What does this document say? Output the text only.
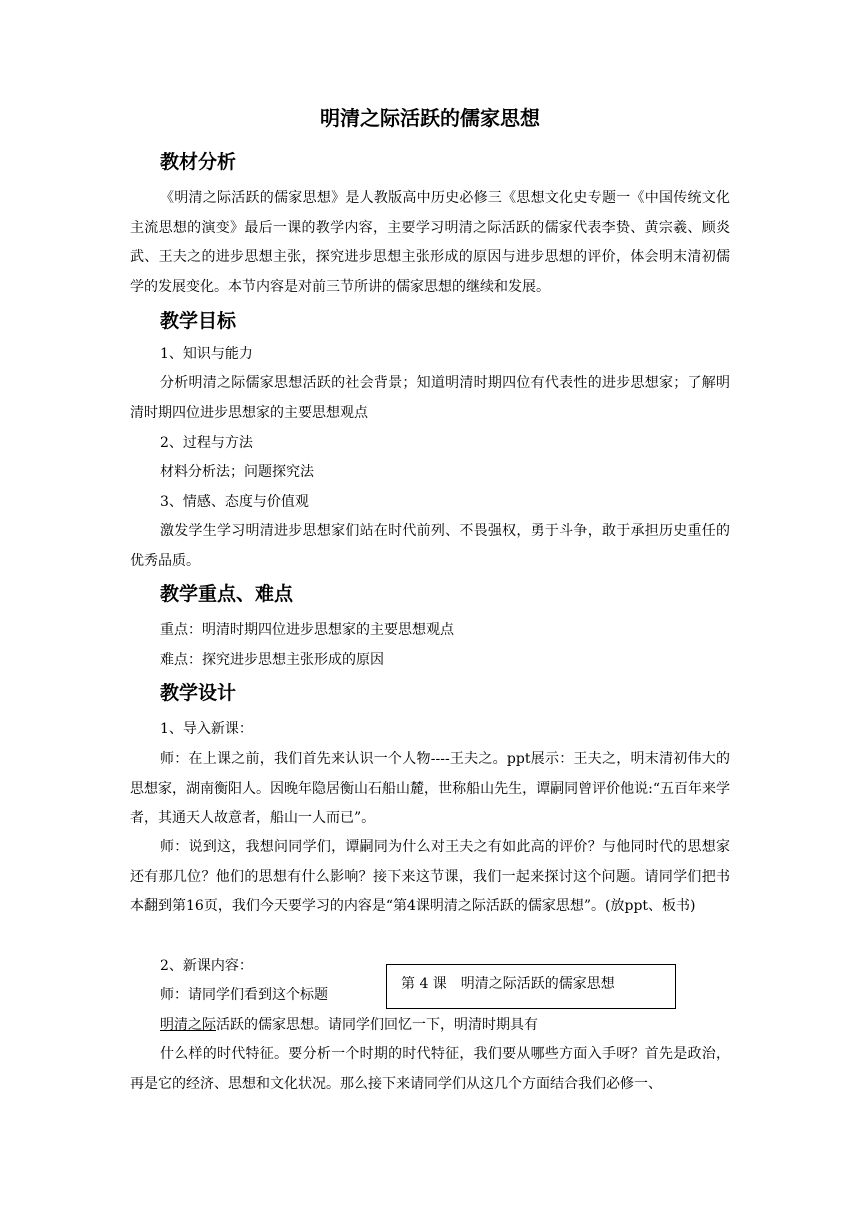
明清之际活跃的儒家思想
教材分析
《明清之际活跃的儒家思想》是人教版高中历史必修三《思想文化史专题一《中国传统文化主流思想的演变》最后一课的教学内容，主要学习明清之际活跃的儒家代表李贽、黄宗羲、顾炎武、王夫之的进步思想主张，探究进步思想主张形成的原因与进步思想的评价，体会明末清初儒学的发展变化。本节内容是对前三节所讲的儒家思想的继续和发展。
教学目标
1、知识与能力
分析明清之际儒家思想活跃的社会背景；知道明清时期四位有代表性的进步思想家；了解明清时期四位进步思想家的主要思想观点
2、过程与方法
材料分析法；问题探究法
3、情感、态度与价值观
激发学生学习明清进步思想家们站在时代前列、不畏强权，勇于斗争，敢于承担历史重任的优秀品质。
教学重点、难点
重点：明清时期四位进步思想家的主要思想观点
难点：探究进步思想主张形成的原因
教学设计
1、导入新课：
师：在上课之前，我们首先来认识一个人物----王夫之。ppt展示：王夫之，明末清初伟大的思想家，湖南衡阳人。因晚年隐居衡山石船山麓，世称船山先生，谭嗣同曾评价他说:“五百年来学者，其通天人故意者，船山一人而已”。
师：说到这，我想问同学们，谭嗣同为什么对王夫之有如此高的评价？与他同时代的思想家还有那几位？他们的思想有什么影响？接下来这节课，我们一起来探讨这个问题。请同学们把书本翻到第16页，我们今天要学习的内容是“第4课明清之际活跃的儒家思想”。(放ppt、板书)
2、新课内容：
师：请同学们看到这个标题
第 4 课　明清之际活跃的儒家思想
明清之际活跃的儒家思想。请同学们回忆一下，明清时期具有
什么样的时代特征。要分析一个时期的时代特征，我们要从哪些方面入手呀？首先是政治，再是它的经济、思想和文化状况。那么接下来请同学们从这几个方面结合我们必修一、
